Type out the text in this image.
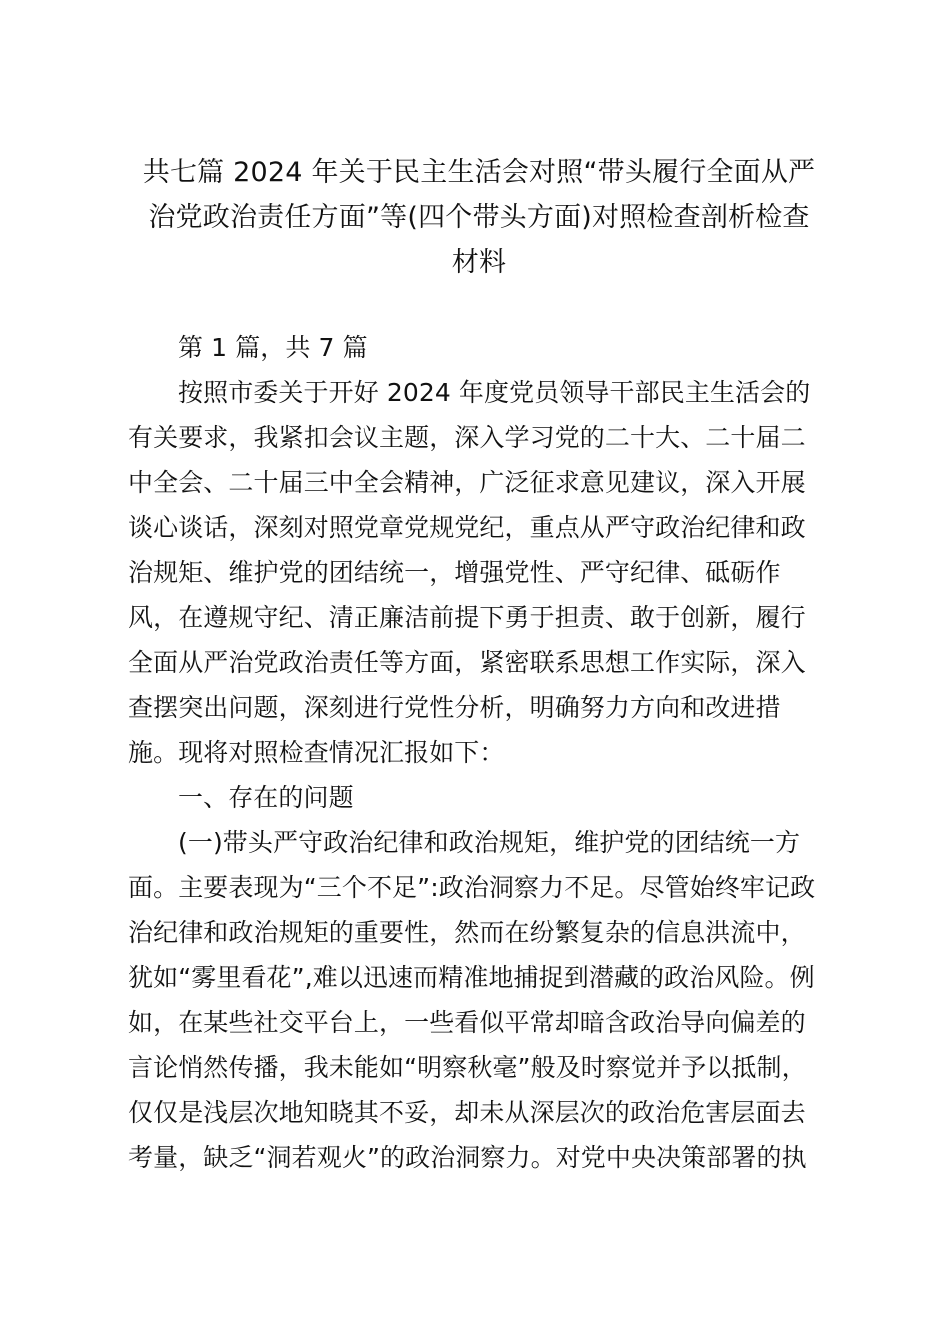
共七篇 2024 年关于民主生活会对照“带头履行全面从严
治党政治责任方面”等(四个带头方面)对照检查剖析检查
材料
第 1 篇，共 7 篇
按照市委关于开好 2024 年度党员领导干部民主生活会的
有关要求，我紧扣会议主题，深入学习党的二十大、二十届二
中全会、二十届三中全会精神，广泛征求意见建议，深入开展
谈心谈话，深刻对照党章党规党纪，重点从严守政治纪律和政
治规矩、维护党的团结统一，增强党性、严守纪律、砥砺作
风，在遵规守纪、清正廉洁前提下勇于担责、敢于创新，履行
全面从严治党政治责任等方面，紧密联系思想工作实际，深入
查摆突出问题，深刻进行党性分析，明确努力方向和改进措
施。现将对照检查情况汇报如下：
一、存在的问题
(一)带头严守政治纪律和政治规矩，维护党的团结统一方
面。主要表现为“三个不足”:政治洞察力不足。尽管始终牢记政
治纪律和政治规矩的重要性，然而在纷繁复杂的信息洪流中，
犹如“雾里看花”,难以迅速而精准地捕捉到潜藏的政治风险。例
如，在某些社交平台上，一些看似平常却暗含政治导向偏差的
言论悄然传播，我未能如“明察秋毫”般及时察觉并予以抵制，
仅仅是浅层次地知晓其不妥，却未从深层次的政治危害层面去
考量，缺乏“洞若观火”的政治洞察力。对党中央决策部署的执
